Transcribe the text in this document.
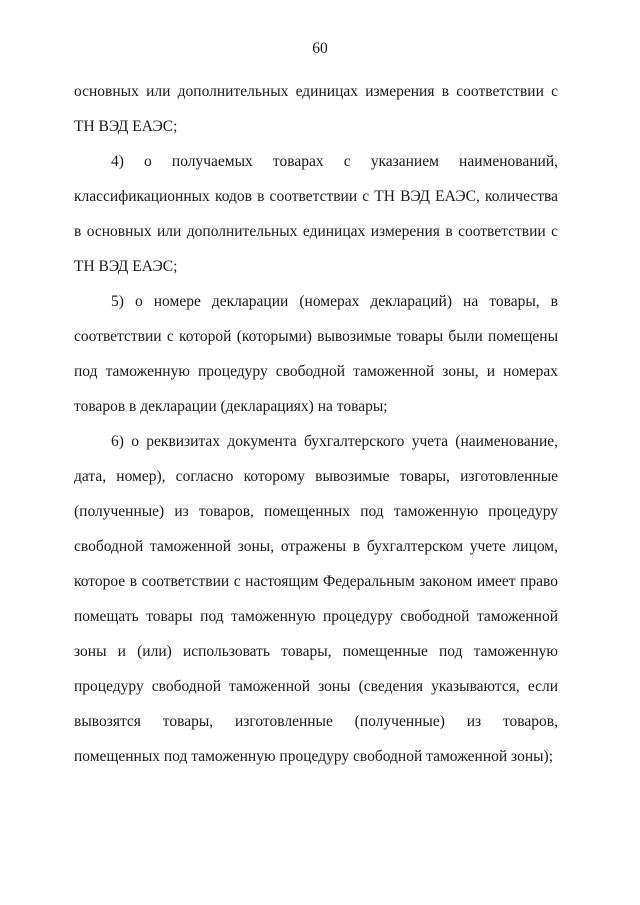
60

основных или дополнительных единицах измерения в соответствии с ТН ВЭД ЕАЭС;

4) о получаемых товарах с указанием наименований, классификационных кодов в соответствии с ТН ВЭД ЕАЭС, количества в основных или дополнительных единицах измерения в соответствии с ТН ВЭД ЕАЭС;

5) о номере декларации (номерах деклараций) на товары, в соответствии с которой (которыми) вывозимые товары были помещены под таможенную процедуру свободной таможенной зоны, и номерах товаров в декларации (декларациях) на товары;

6) о реквизитах документа бухгалтерского учета (наименование, дата, номер), согласно которому вывозимые товары, изготовленные (полученные) из товаров, помещенных под таможенную процедуру свободной таможенной зоны, отражены в бухгалтерском учете лицом, которое в соответствии с настоящим Федеральным законом имеет право помещать товары под таможенную процедуру свободной таможенной зоны и (или) использовать товары, помещенные под таможенную процедуру свободной таможенной зоны (сведения указываются, если вывозятся товары, изготовленные (полученные) из товаров, помещенных под таможенную процедуру свободной таможенной зоны);
